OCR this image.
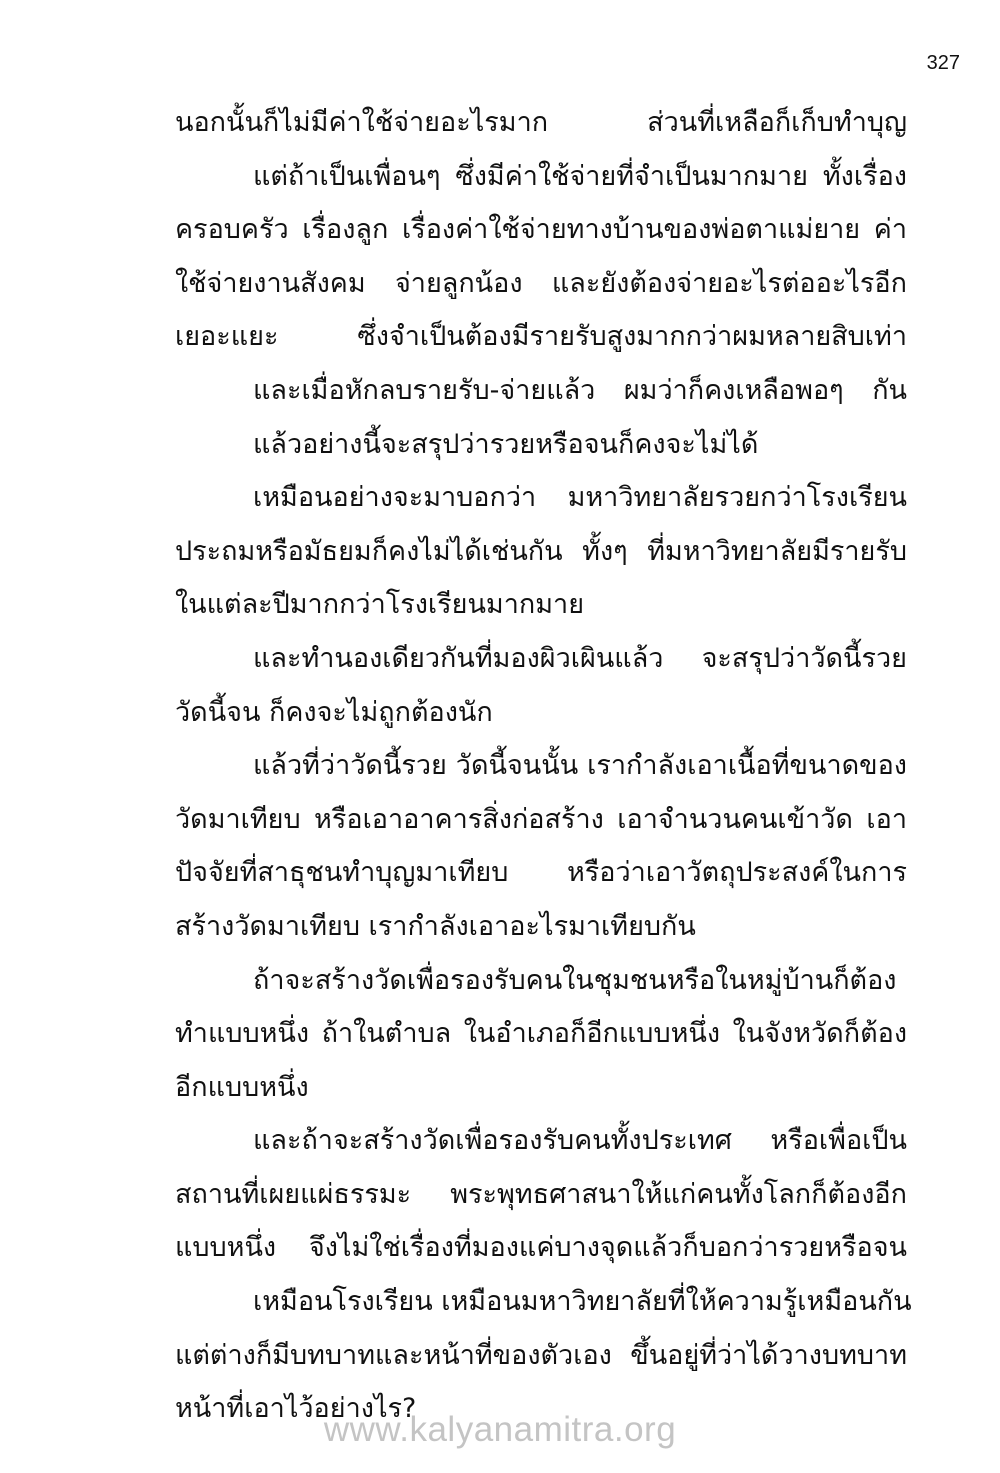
327
นอกนั้นก็ไม่มีค่าใช้จ่ายอะไรมาก ส่วนที่เหลือก็เก็บทำบุญ
แต่ถ้าเป็นเพื่อนๆ ซึ่งมีค่าใช้จ่ายที่จำเป็นมากมาย ทั้งเรื่อง
ครอบครัว เรื่องลูก เรื่องค่าใช้จ่ายทางบ้านของพ่อตาแม่ยาย ค่า
ใช้จ่ายงานสังคม จ่ายลูกน้อง และยังต้องจ่ายอะไรต่ออะไรอีก
เยอะแยะ ซึ่งจำเป็นต้องมีรายรับสูงมากกว่าผมหลายสิบเท่า
และเมื่อหักลบรายรับ-จ่ายแล้ว ผมว่าก็คงเหลือพอๆ กัน
แล้วอย่างนี้จะสรุปว่ารวยหรือจนก็คงจะไม่ได้
เหมือนอย่างจะมาบอกว่า มหาวิทยาลัยรวยกว่าโรงเรียน
ประถมหรือมัธยมก็คงไม่ได้เช่นกัน ทั้งๆ ที่มหาวิทยาลัยมีรายรับ
ในแต่ละปีมากกว่าโรงเรียนมากมาย
และทำนองเดียวกันที่มองผิวเผินแล้ว จะสรุปว่าวัดนี้รวย
วัดนี้จน ก็คงจะไม่ถูกต้องนัก
แล้วที่ว่าวัดนี้รวย วัดนี้จนนั้น เรากำลังเอาเนื้อที่ขนาดของ
วัดมาเทียบ หรือเอาอาคารสิ่งก่อสร้าง เอาจำนวนคนเข้าวัด เอา
ปัจจัยที่สาธุชนทำบุญมาเทียบ หรือว่าเอาวัตถุประสงค์ในการ
สร้างวัดมาเทียบ เรากำลังเอาอะไรมาเทียบกัน
ถ้าจะสร้างวัดเพื่อรองรับคนในชุมชนหรือในหมู่บ้านก็ต้อง
ทำแบบหนึ่ง ถ้าในตำบล ในอำเภอก็อีกแบบหนึ่ง ในจังหวัดก็ต้อง
อีกแบบหนึ่ง
และถ้าจะสร้างวัดเพื่อรองรับคนทั้งประเทศ หรือเพื่อเป็น
สถานที่เผยแผ่ธรรมะ พระพุทธศาสนาให้แก่คนทั้งโลกก็ต้องอีก
แบบหนึ่ง จึงไม่ใช่เรื่องที่มองแค่บางจุดแล้วก็บอกว่ารวยหรือจน
เหมือนโรงเรียน เหมือนมหาวิทยาลัยที่ให้ความรู้เหมือนกัน
แต่ต่างก็มีบทบาทและหน้าที่ของตัวเอง ขึ้นอยู่ที่ว่าได้วางบทบาท
หน้าที่เอาไว้อย่างไร?
www.kalyanamitra.org
